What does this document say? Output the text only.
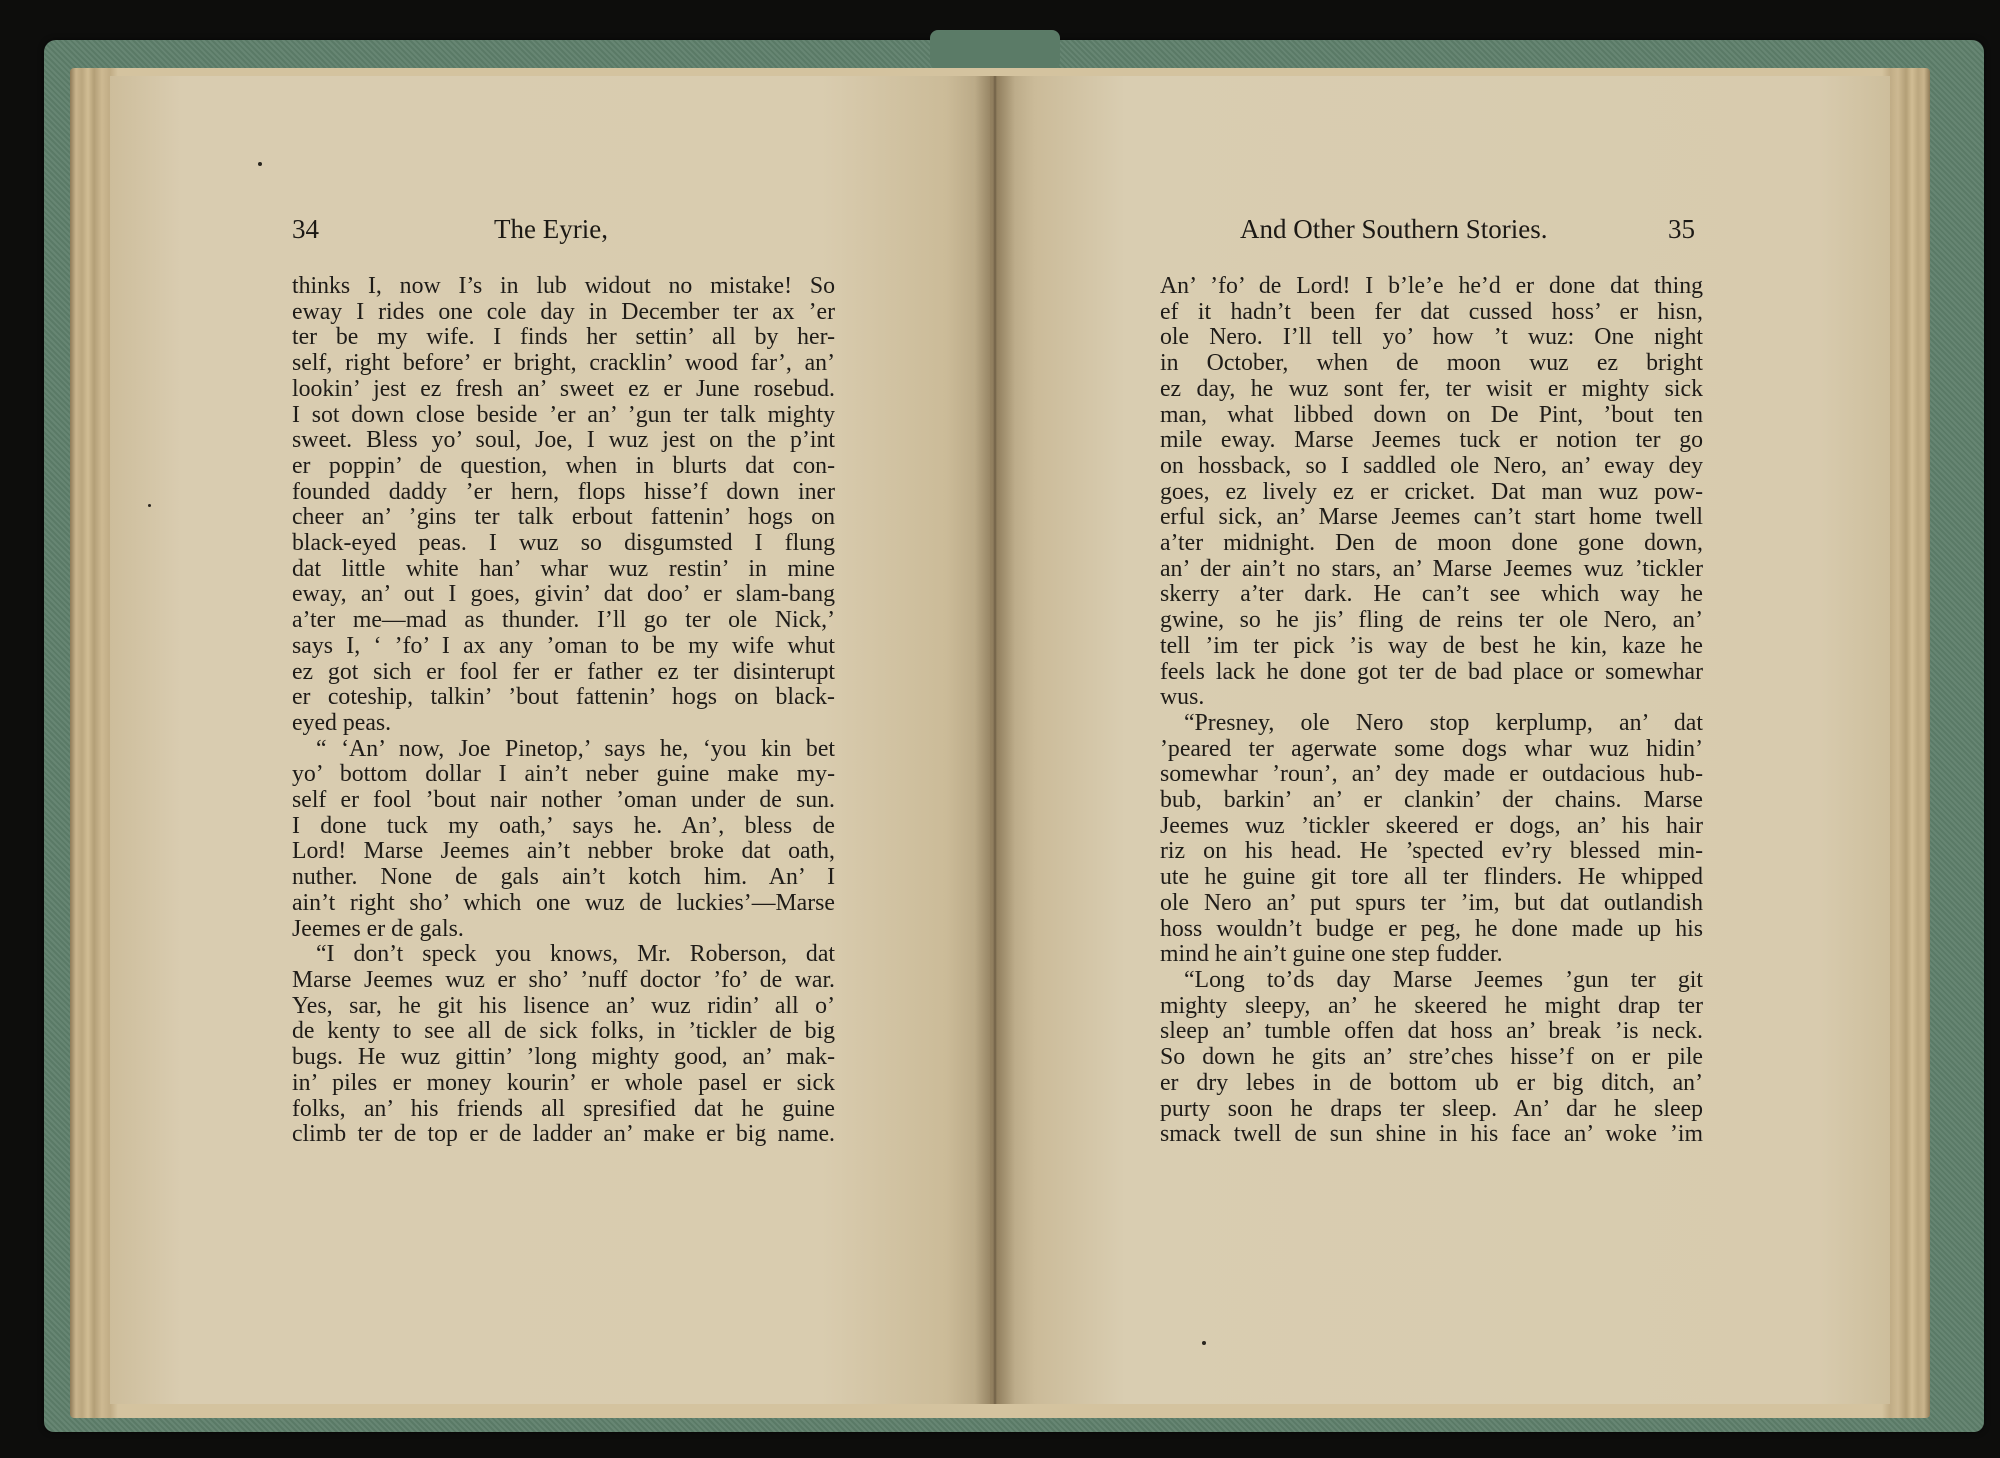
34	The Eyrie,	And Other Southern Stories.	35
thinks I, now I’s in lub widout no mistake! So
eway I rides one cole day in December ter ax ’er
ter be my wife. I finds her settin’ all by her-
self, right before’ er bright, cracklin’ wood far’, an’
lookin’ jest ez fresh an’ sweet ez er June rosebud.
I sot down close beside ’er an’ ’gun ter talk mighty
sweet. Bless yo’ soul, Joe, I wuz jest on the p’int
er poppin’ de question, when in blurts dat con-
founded daddy ’er hern, flops hisse’f down iner
cheer an’ ’gins ter talk erbout fattenin’ hogs on
black-eyed peas. I wuz so disgumsted I flung
dat little white han’ whar wuz restin’ in mine
eway, an’ out I goes, givin’ dat doo’ er slam-bang
a’ter me—mad as thunder. I’ll go ter ole Nick,’
says I, ‘ ’fo’ I ax any ’oman to be my wife whut
ez got sich er fool fer er father ez ter disinterupt
er coteship, talkin’ ’bout fattenin’ hogs on black-
eyed peas.
“ ‘An’ now, Joe Pinetop,’ says he, ‘you kin bet
yo’ bottom dollar I ain’t neber guine make my-
self er fool ’bout nair nother ’oman under de sun.
I done tuck my oath,’ says he. An’, bless de
Lord! Marse Jeemes ain’t nebber broke dat oath,
nuther. None de gals ain’t kotch him. An’ I
ain’t right sho’ which one wuz de luckies’—Marse
Jeemes er de gals.
“I don’t speck you knows, Mr. Roberson, dat
Marse Jeemes wuz er sho’ ’nuff doctor ’fo’ de war.
Yes, sar, he git his lisence an’ wuz ridin’ all o’
de kenty to see all de sick folks, in ’tickler de big
bugs. He wuz gittin’ ’long mighty good, an’ mak-
in’ piles er money kourin’ er whole pasel er sick
folks, an’ his friends all spresified dat he guine
climb ter de top er de ladder an’ make er big name.
An’ ’fo’ de Lord! I b’le’e he’d er done dat thing
ef it hadn’t been fer dat cussed hoss’ er hisn,
ole Nero. I’ll tell yo’ how ’t wuz: One night
in October, when de moon wuz ez bright
ez day, he wuz sont fer, ter wisit er mighty sick
man, what libbed down on De Pint, ’bout ten
mile eway. Marse Jeemes tuck er notion ter go
on hossback, so I saddled ole Nero, an’ eway dey
goes, ez lively ez er cricket. Dat man wuz pow-
erful sick, an’ Marse Jeemes can’t start home twell
a’ter midnight. Den de moon done gone down,
an’ der ain’t no stars, an’ Marse Jeemes wuz ’tickler
skerry a’ter dark. He can’t see which way he
gwine, so he jis’ fling de reins ter ole Nero, an’
tell ’im ter pick ’is way de best he kin, kaze he
feels lack he done got ter de bad place or somewhar
wus.
“Presney, ole Nero stop kerplump, an’ dat
’peared ter agerwate some dogs whar wuz hidin’
somewhar ’roun’, an’ dey made er outdacious hub-
bub, barkin’ an’ er clankin’ der chains. Marse
Jeemes wuz ’tickler skeered er dogs, an’ his hair
riz on his head. He ’spected ev’ry blessed min-
ute he guine git tore all ter flinders. He whipped
ole Nero an’ put spurs ter ’im, but dat outlandish
hoss wouldn’t budge er peg, he done made up his
mind he ain’t guine one step fudder.
“Long to’ds day Marse Jeemes ’gun ter git
mighty sleepy, an’ he skeered he might drap ter
sleep an’ tumble offen dat hoss an’ break ’is neck.
So down he gits an’ stre’ches hisse’f on er pile
er dry lebes in de bottom ub er big ditch, an’
purty soon he draps ter sleep. An’ dar he sleep
smack twell de sun shine in his face an’ woke ’im
